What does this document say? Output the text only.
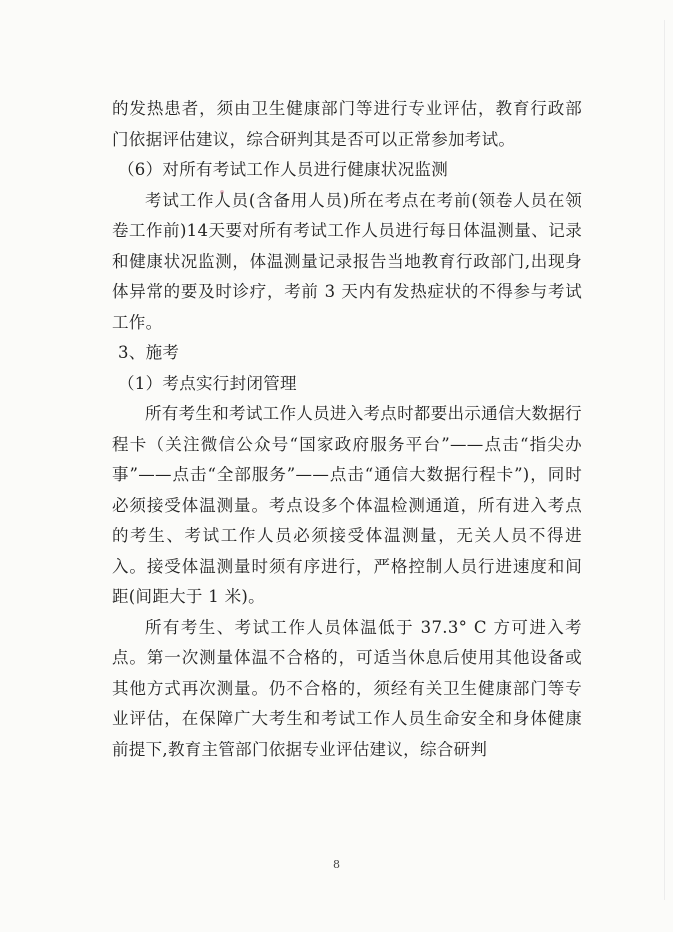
的发热患者，须由卫生健康部门等进行专业评估，教育行政部门依据评估建议，综合研判其是否可以正常参加考试。

（6）对所有考试工作人员进行健康状况监测

考试工作人员(含备用人员)所在考点在考前(领卷人员在领卷工作前)14天要对所有考试工作人员进行每日体温测量、记录和健康状况监测，体温测量记录报告当地教育行政部门,出现身体异常的要及时诊疗，考前 3 天内有发热症状的不得参与考试工作。

3、施考

（1）考点实行封闭管理

所有考生和考试工作人员进入考点时都要出示通信大数据行程卡（关注微信公众号“国家政府服务平台”——点击“指尖办事”——点击“全部服务”——点击“通信大数据行程卡”)，同时必须接受体温测量。考点设多个体温检测通道，所有进入考点的考生、考试工作人员必须接受体温测量，无关人员不得进入。接受体温测量时须有序进行，严格控制人员行进速度和间距(间距大于 1 米)。

所有考生、考试工作人员体温低于 37.3° C 方可进入考点。第一次测量体温不合格的，可适当休息后使用其他设备或其他方式再次测量。仍不合格的，须经有关卫生健康部门等专业评估，在保障广大考生和考试工作人员生命安全和身体健康前提下,教育主管部门依据专业评估建议，综合研判

8
